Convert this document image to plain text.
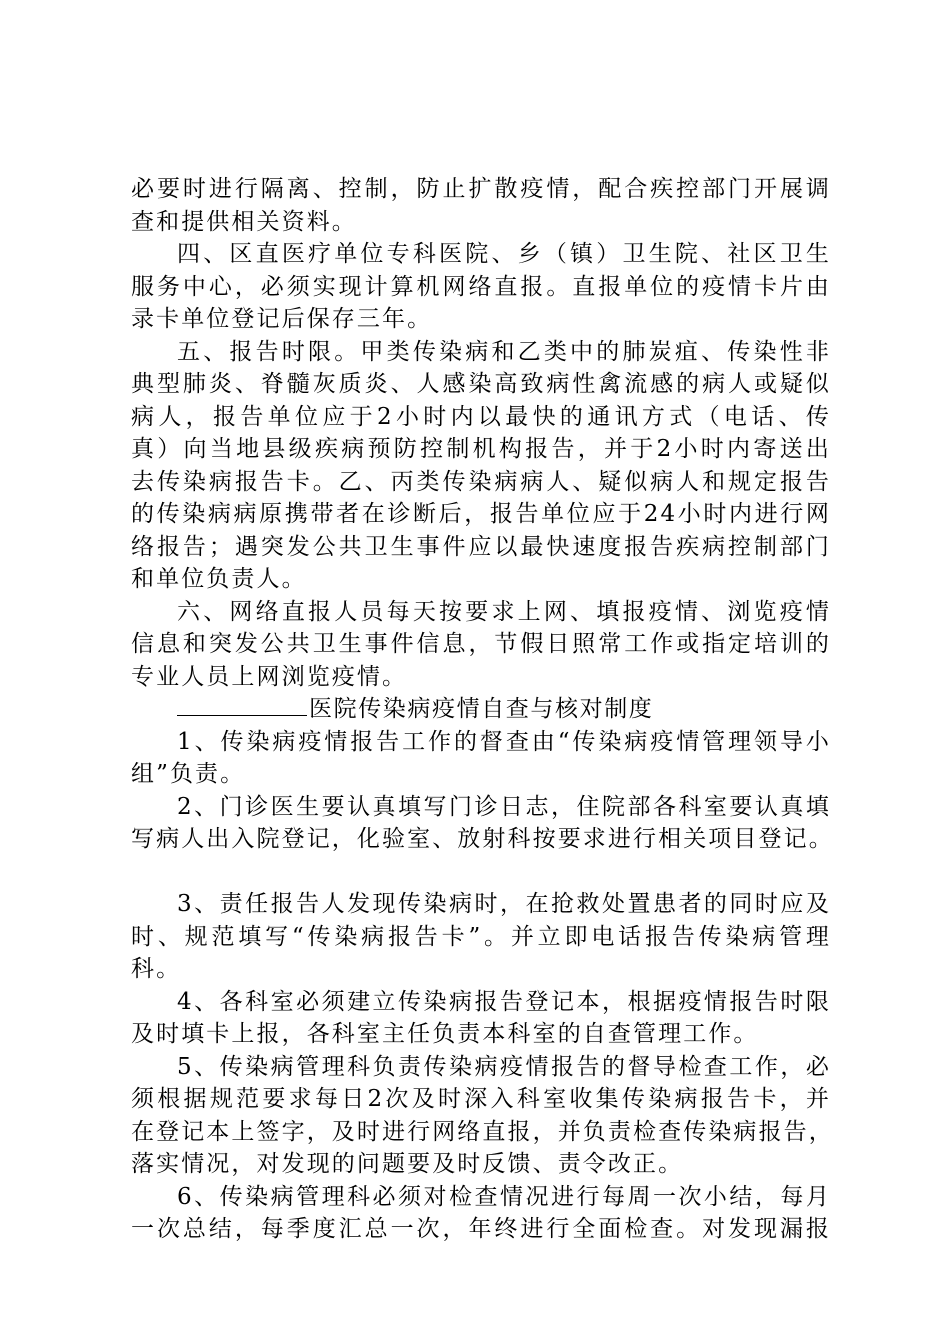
必要时进行隔离、控制，防止扩散疫情，配合疾控部门开展调
查和提供相关资料。
四、区直医疗单位专科医院、乡（镇）卫生院、社区卫生
服务中心，必须实现计算机网络直报。直报单位的疫情卡片由
录卡单位登记后保存三年。
五、报告时限。甲类传染病和乙类中的肺炭疽、传染性非
典型肺炎、脊髓灰质炎、人感染高致病性禽流感的病人或疑似
病人，报告单位应于2小时内以最快的通讯方式（电话、传
真）向当地县级疾病预防控制机构报告，并于2小时内寄送出
去传染病报告卡。乙、丙类传染病病人、疑似病人和规定报告
的传染病病原携带者在诊断后，报告单位应于24小时内进行网
络报告；遇突发公共卫生事件应以最快速度报告疾病控制部门
和单位负责人。
六、网络直报人员每天按要求上网、填报疫情、浏览疫情
信息和突发公共卫生事件信息，节假日照常工作或指定培训的
专业人员上网浏览疫情。
医院传染病疫情自查与核对制度
1、传染病疫情报告工作的督查由“传染病疫情管理领导小
组”负责。
2、门诊医生要认真填写门诊日志，住院部各科室要认真填
写病人出入院登记，化验室、放射科按要求进行相关项目登记。
3、责任报告人发现传染病时，在抢救处置患者的同时应及
时、规范填写“传染病报告卡”。并立即电话报告传染病管理
科。
4、各科室必须建立传染病报告登记本，根据疫情报告时限
及时填卡上报，各科室主任负责本科室的自查管理工作。
5、传染病管理科负责传染病疫情报告的督导检查工作，必
须根据规范要求每日2次及时深入科室收集传染病报告卡，并
在登记本上签字，及时进行网络直报，并负责检查传染病报告，
落实情况，对发现的问题要及时反馈、责令改正。
6、传染病管理科必须对检查情况进行每周一次小结，每月
一次总结，每季度汇总一次，年终进行全面检查。对发现漏报
